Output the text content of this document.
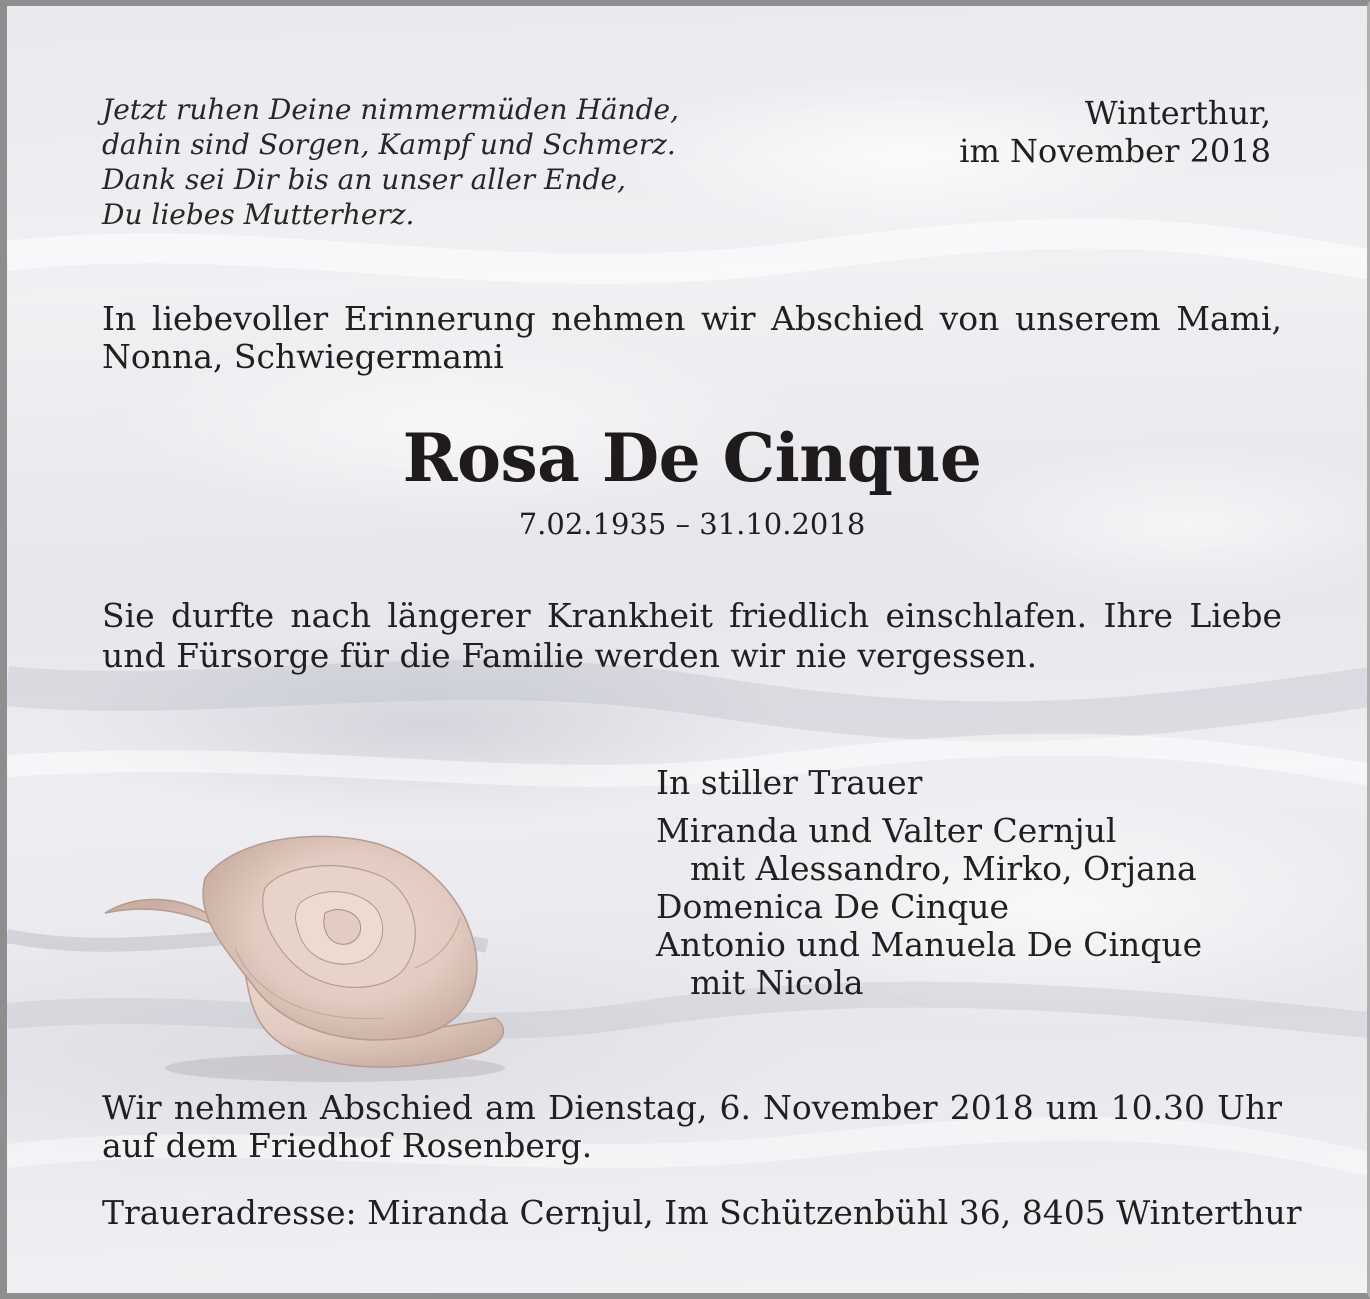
Jetzt ruhen Deine nimmermüden Hände,
dahin sind Sorgen, Kampf und Schmerz.
Dank sei Dir bis an unser aller Ende,
Du liebes Mutterherz.
Winterthur,
im November 2018

In liebevoller Erinnerung nehmen wir Abschied von unserem Mami, Nonna, Schwiegermami

Rosa De Cinque
7.02.1935 – 31.10.2018

Sie durfte nach längerer Krankheit friedlich einschlafen. Ihre Liebe und Fürsorge für die Familie werden wir nie vergessen.

In stiller Trauer
Miranda und Valter Cernjul
mit Alessandro, Mirko, Orjana
Domenica De Cinque
Antonio und Manuela De Cinque
mit Nicola

Wir nehmen Abschied am Dienstag, 6. November 2018 um 10.30 Uhr auf dem Friedhof Rosenberg.

Traueradresse: Miranda Cernjul, Im Schützenbühl 36, 8405 Winterthur
